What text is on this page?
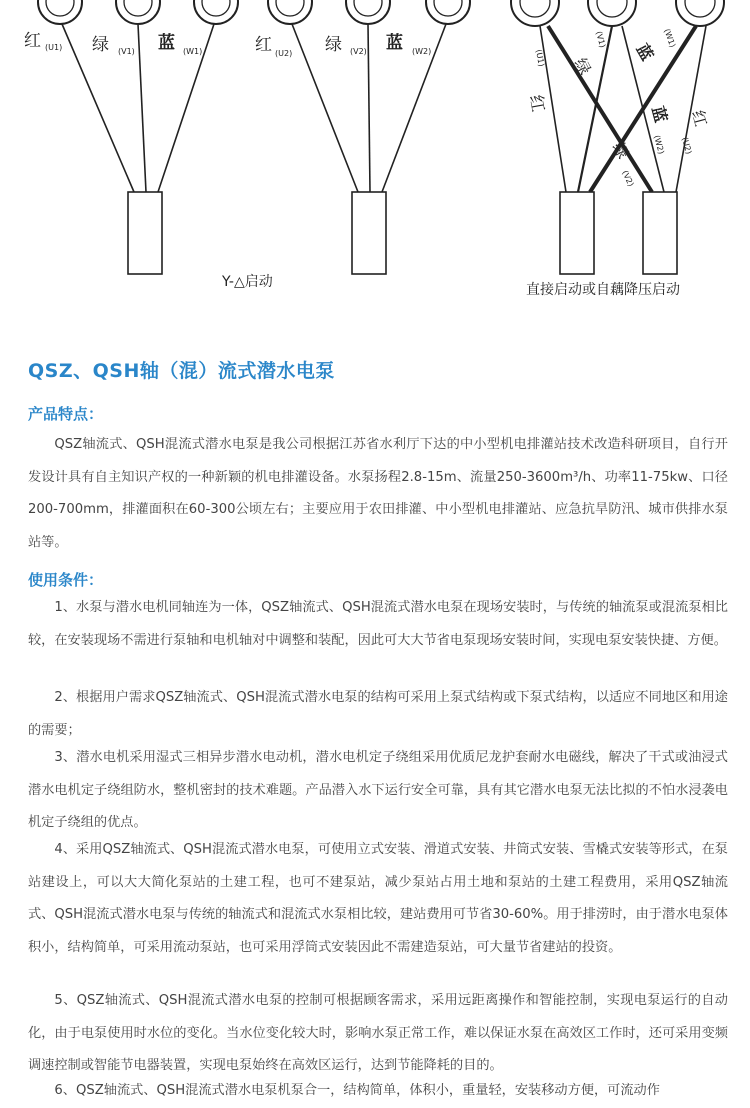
红 (U1) 绿 (V1) 蓝 (W1)	红 (U2) 绿 (V2) 蓝 (W2)
Y-△启动
红
(U1) 绿
(V1)
蓝
(W1)
蓝
(W2)
红
(U2)
绿
(V2)
直接启动或自藕降压启动
QSZ、QSH轴（混）流式潜水电泵
产品特点：

QSZ轴流式、QSH混流式潜水电泵是我公司根据江苏省水利厅下达的中小型机电排灌站技术改造科研项目，自行开发设计具有自主知识产权的一种新颖的机电排灌设备。水泵扬程2.8-15m、流量250-3600m³/h、功率11-75kw、口径200-700mm，排灌面积在60-300公顷左右；主要应用于农田排灌、中小型机电排灌站、应急抗旱防汛、城市供排水泵站等。

使用条件：

1、水泵与潜水电机同轴连为一体，QSZ轴流式、QSH混流式潜水电泵在现场安装时，与传统的轴流泵或混流泵相比较，在安装现场不需进行泵轴和电机轴对中调整和装配，因此可大大节省电泵现场安装时间，实现电泵安装快捷、方便。

2、根据用户需求QSZ轴流式、QSH混流式潜水电泵的结构可采用上泵式结构或下泵式结构，以适应不同地区和用途的需要；

3、潜水电机采用湿式三相异步潜水电动机，潜水电机定子绕组采用优质尼龙护套耐水电磁线，解决了干式或油浸式潜水电机定子绕组防水，整机密封的技术难题。产品潜入水下运行安全可靠，具有其它潜水电泵无法比拟的不怕水浸袭电机定子绕组的优点。

4、采用QSZ轴流式、QSH混流式潜水电泵，可使用立式安装、滑道式安装、井筒式安装、雪橇式安装等形式，在泵站建设上，可以大大简化泵站的土建工程，也可不建泵站，减少泵站占用土地和泵站的土建工程费用，采用QSZ轴流式、QSH混流式潜水电泵与传统的轴流式和混流式水泵相比较，建站费用可节省30-60%。用于排涝时，由于潜水电泵体积小，结构简单，可采用流动泵站，也可采用浮筒式安装因此不需建造泵站，可大量节省建站的投资。

5、QSZ轴流式、QSH混流式潜水电泵的控制可根据顾客需求，采用远距离操作和智能控制，实现电泵运行的自动化，由于电泵使用时水位的变化。当水位变化较大时，影响水泵正常工作，难以保证水泵在高效区工作时，还可采用变频调速控制或智能节电器装置，实现电泵始终在高效区运行，达到节能降耗的目的。

6、QSZ轴流式、QSH混流式潜水电泵机泵合一，结构简单，体积小，重量轻，安装移动方便，可流动作
